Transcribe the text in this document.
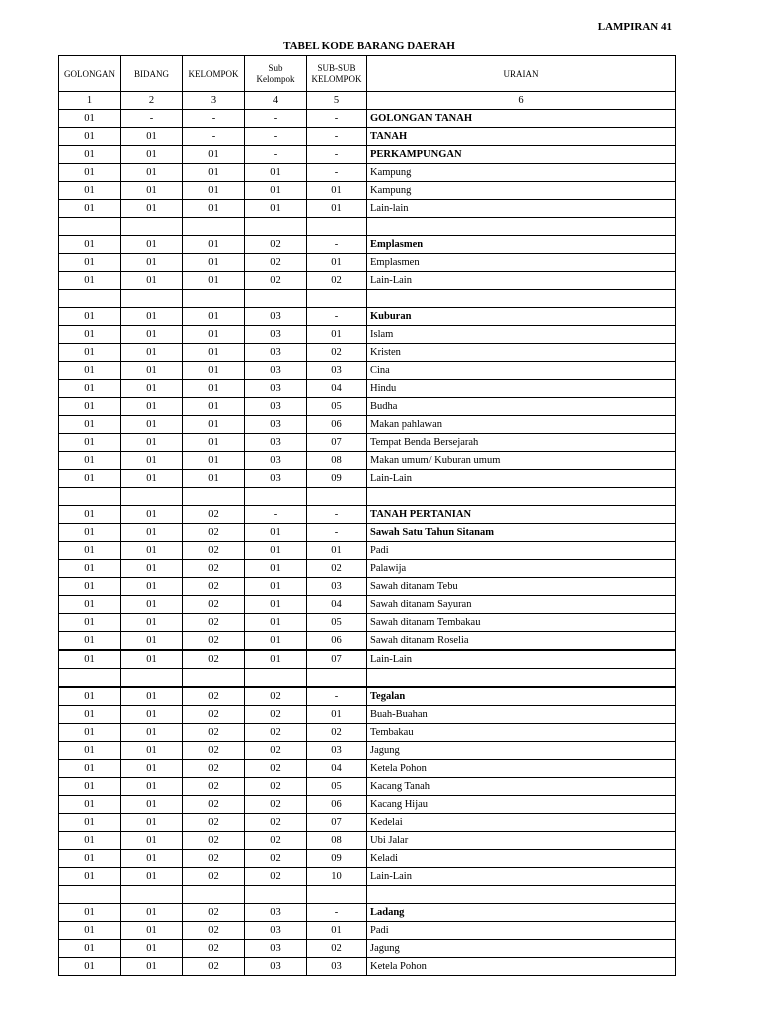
LAMPIRAN 41
TABEL KODE BARANG DAERAH
GOLONGAN	BIDANG	KELOMPOK	Sub
Kelompok	SUB-SUB
KELOMPOK	URAIAN
1	2	3	4	5	6
01	-	-	-	-	GOLONGAN TANAH
01	01	-	-	-	TANAH
01	01	01	-	-	PERKAMPUNGAN
01	01	01	01	-	Kampung
01	01	01	01	01	Kampung
01	01	01	01	01	Lain-lain

01	01	01	02	-	Emplasmen
01	01	01	02	01	Emplasmen
01	01	01	02	02	Lain-Lain

01	01	01	03	-	Kuburan
01	01	01	03	01	Islam
01	01	01	03	02	Kristen
01	01	01	03	03	Cina
01	01	01	03	04	Hindu
01	01	01	03	05	Budha
01	01	01	03	06	Makan pahlawan
01	01	01	03	07	Tempat Benda Bersejarah
01	01	01	03	08	Makan umum/ Kuburan umum
01	01	01	03	09	Lain-Lain

01	01	02	-	-	TANAH PERTANIAN
01	01	02	01	-	Sawah Satu Tahun Sitanam
01	01	02	01	01	Padi
01	01	02	01	02	Palawija
01	01	02	01	03	Sawah ditanam Tebu
01	01	02	01	04	Sawah ditanam Sayuran
01	01	02	01	05	Sawah ditanam Tembakau
01	01	02	01	06	Sawah ditanam Roselia
01	01	02	01	07	Lain-Lain

01	01	02	02	-	Tegalan
01	01	02	02	01	Buah-Buahan
01	01	02	02	02	Tembakau
01	01	02	02	03	Jagung
01	01	02	02	04	Ketela Pohon
01	01	02	02	05	Kacang Tanah
01	01	02	02	06	Kacang Hijau
01	01	02	02	07	Kedelai
01	01	02	02	08	Ubi Jalar
01	01	02	02	09	Keladi
01	01	02	02	10	Lain-Lain

01	01	02	03	-	Ladang
01	01	02	03	01	Padi
01	01	02	03	02	Jagung
01	01	02	03	03	Ketela Pohon
